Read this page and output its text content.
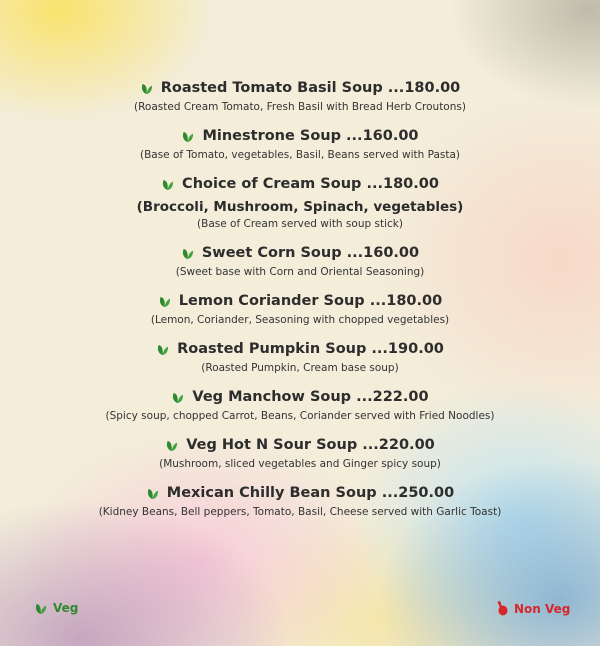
Roasted Tomato Basil Soup ...180.00
(Roasted Cream Tomato, Fresh Basil with Bread Herb Croutons)
Minestrone Soup ...160.00
(Base of Tomato, vegetables, Basil, Beans served with Pasta)
Choice of Cream Soup ...180.00
(Broccoli, Mushroom, Spinach, vegetables)
(Base of Cream served with soup stick)
Sweet Corn Soup ...160.00
(Sweet base with Corn and Oriental Seasoning)
Lemon Coriander Soup ...180.00
(Lemon, Coriander, Seasoning with chopped vegetables)
Roasted Pumpkin Soup ...190.00
(Roasted Pumpkin, Cream base soup)
Veg Manchow Soup ...222.00
(Spicy soup, chopped Carrot, Beans, Coriander served with Fried Noodles)
Veg Hot N Sour Soup ...220.00
(Mushroom, sliced vegetables and Ginger spicy soup)
Mexican Chilly Bean Soup ...250.00
(Kidney Beans, Bell peppers, Tomato, Basil, Cheese served with Garlic Toast)
Veg	Non Veg
